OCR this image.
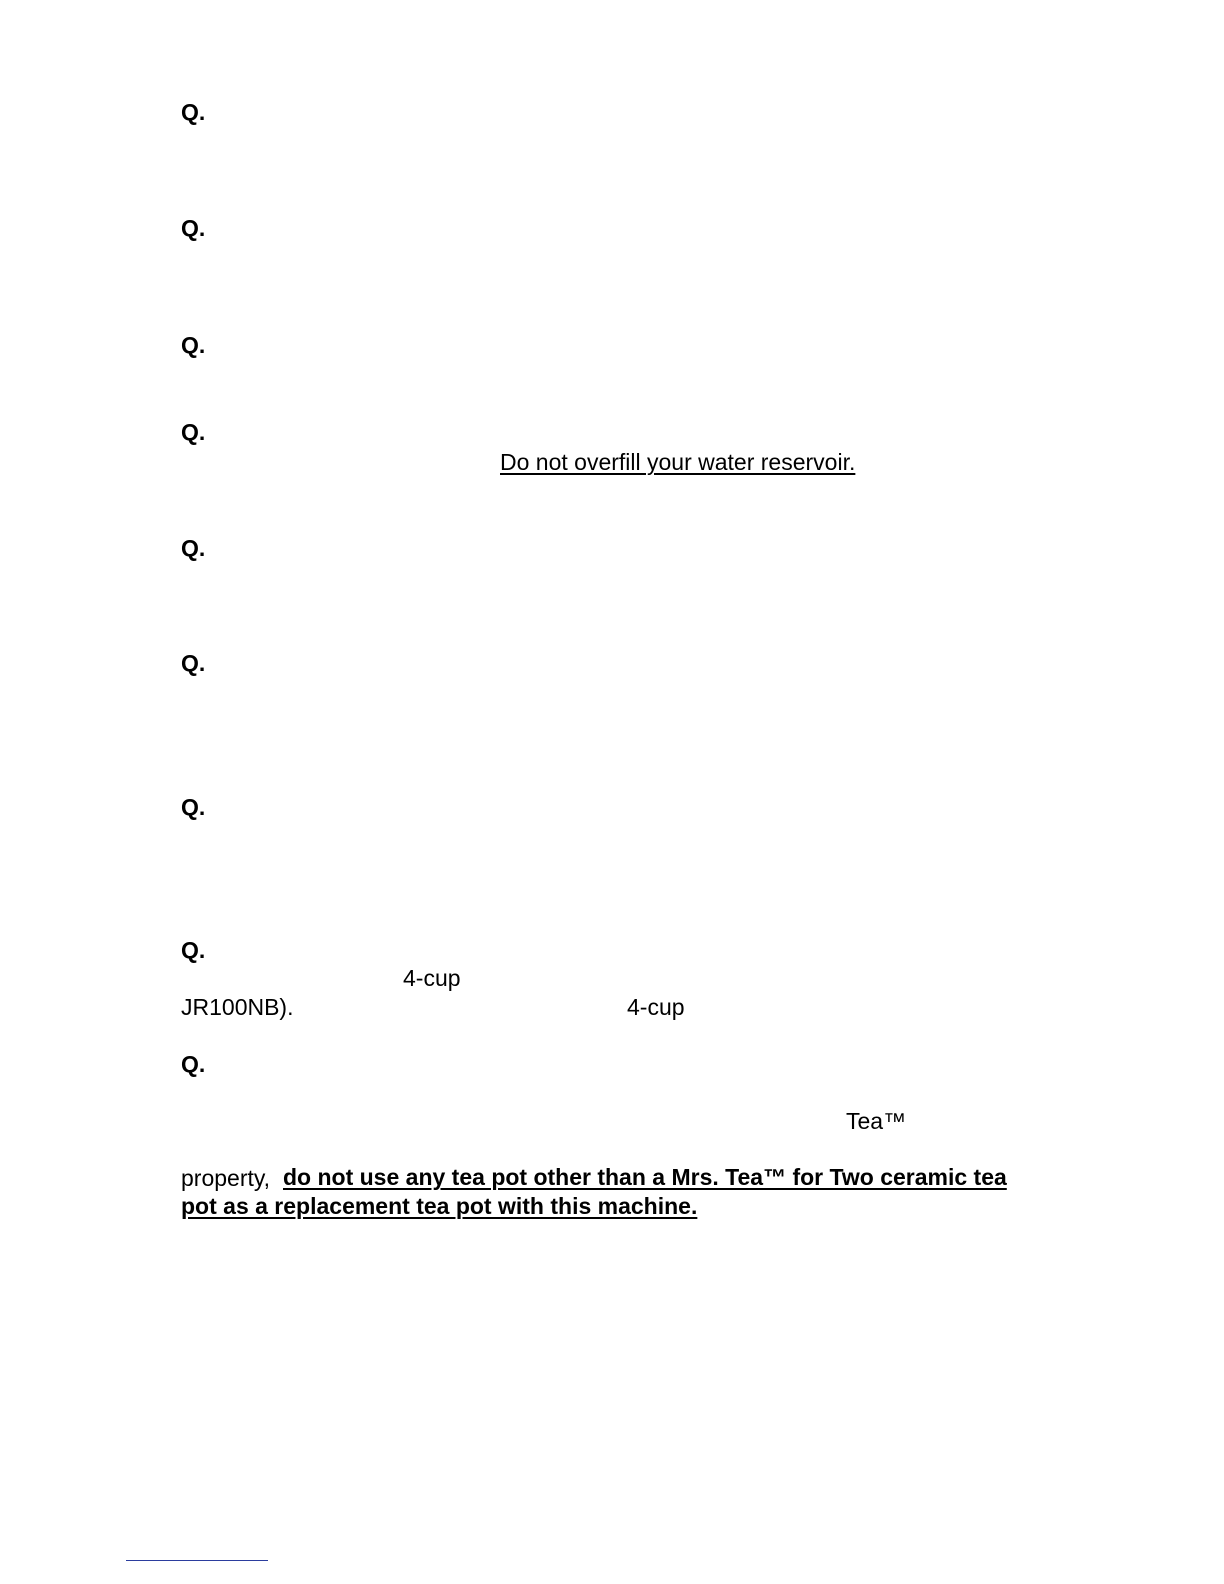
Q.
Q.
Q.
Q.
Do not overfill your water reservoir.
Q.
Q.
Q.
Q.
4-cup
JR100NB).	4-cup
Q.
Tea™
property, do not use any tea pot other than a Mrs. Tea™ for Two ceramic tea
pot as a replacement tea pot with this machine.
